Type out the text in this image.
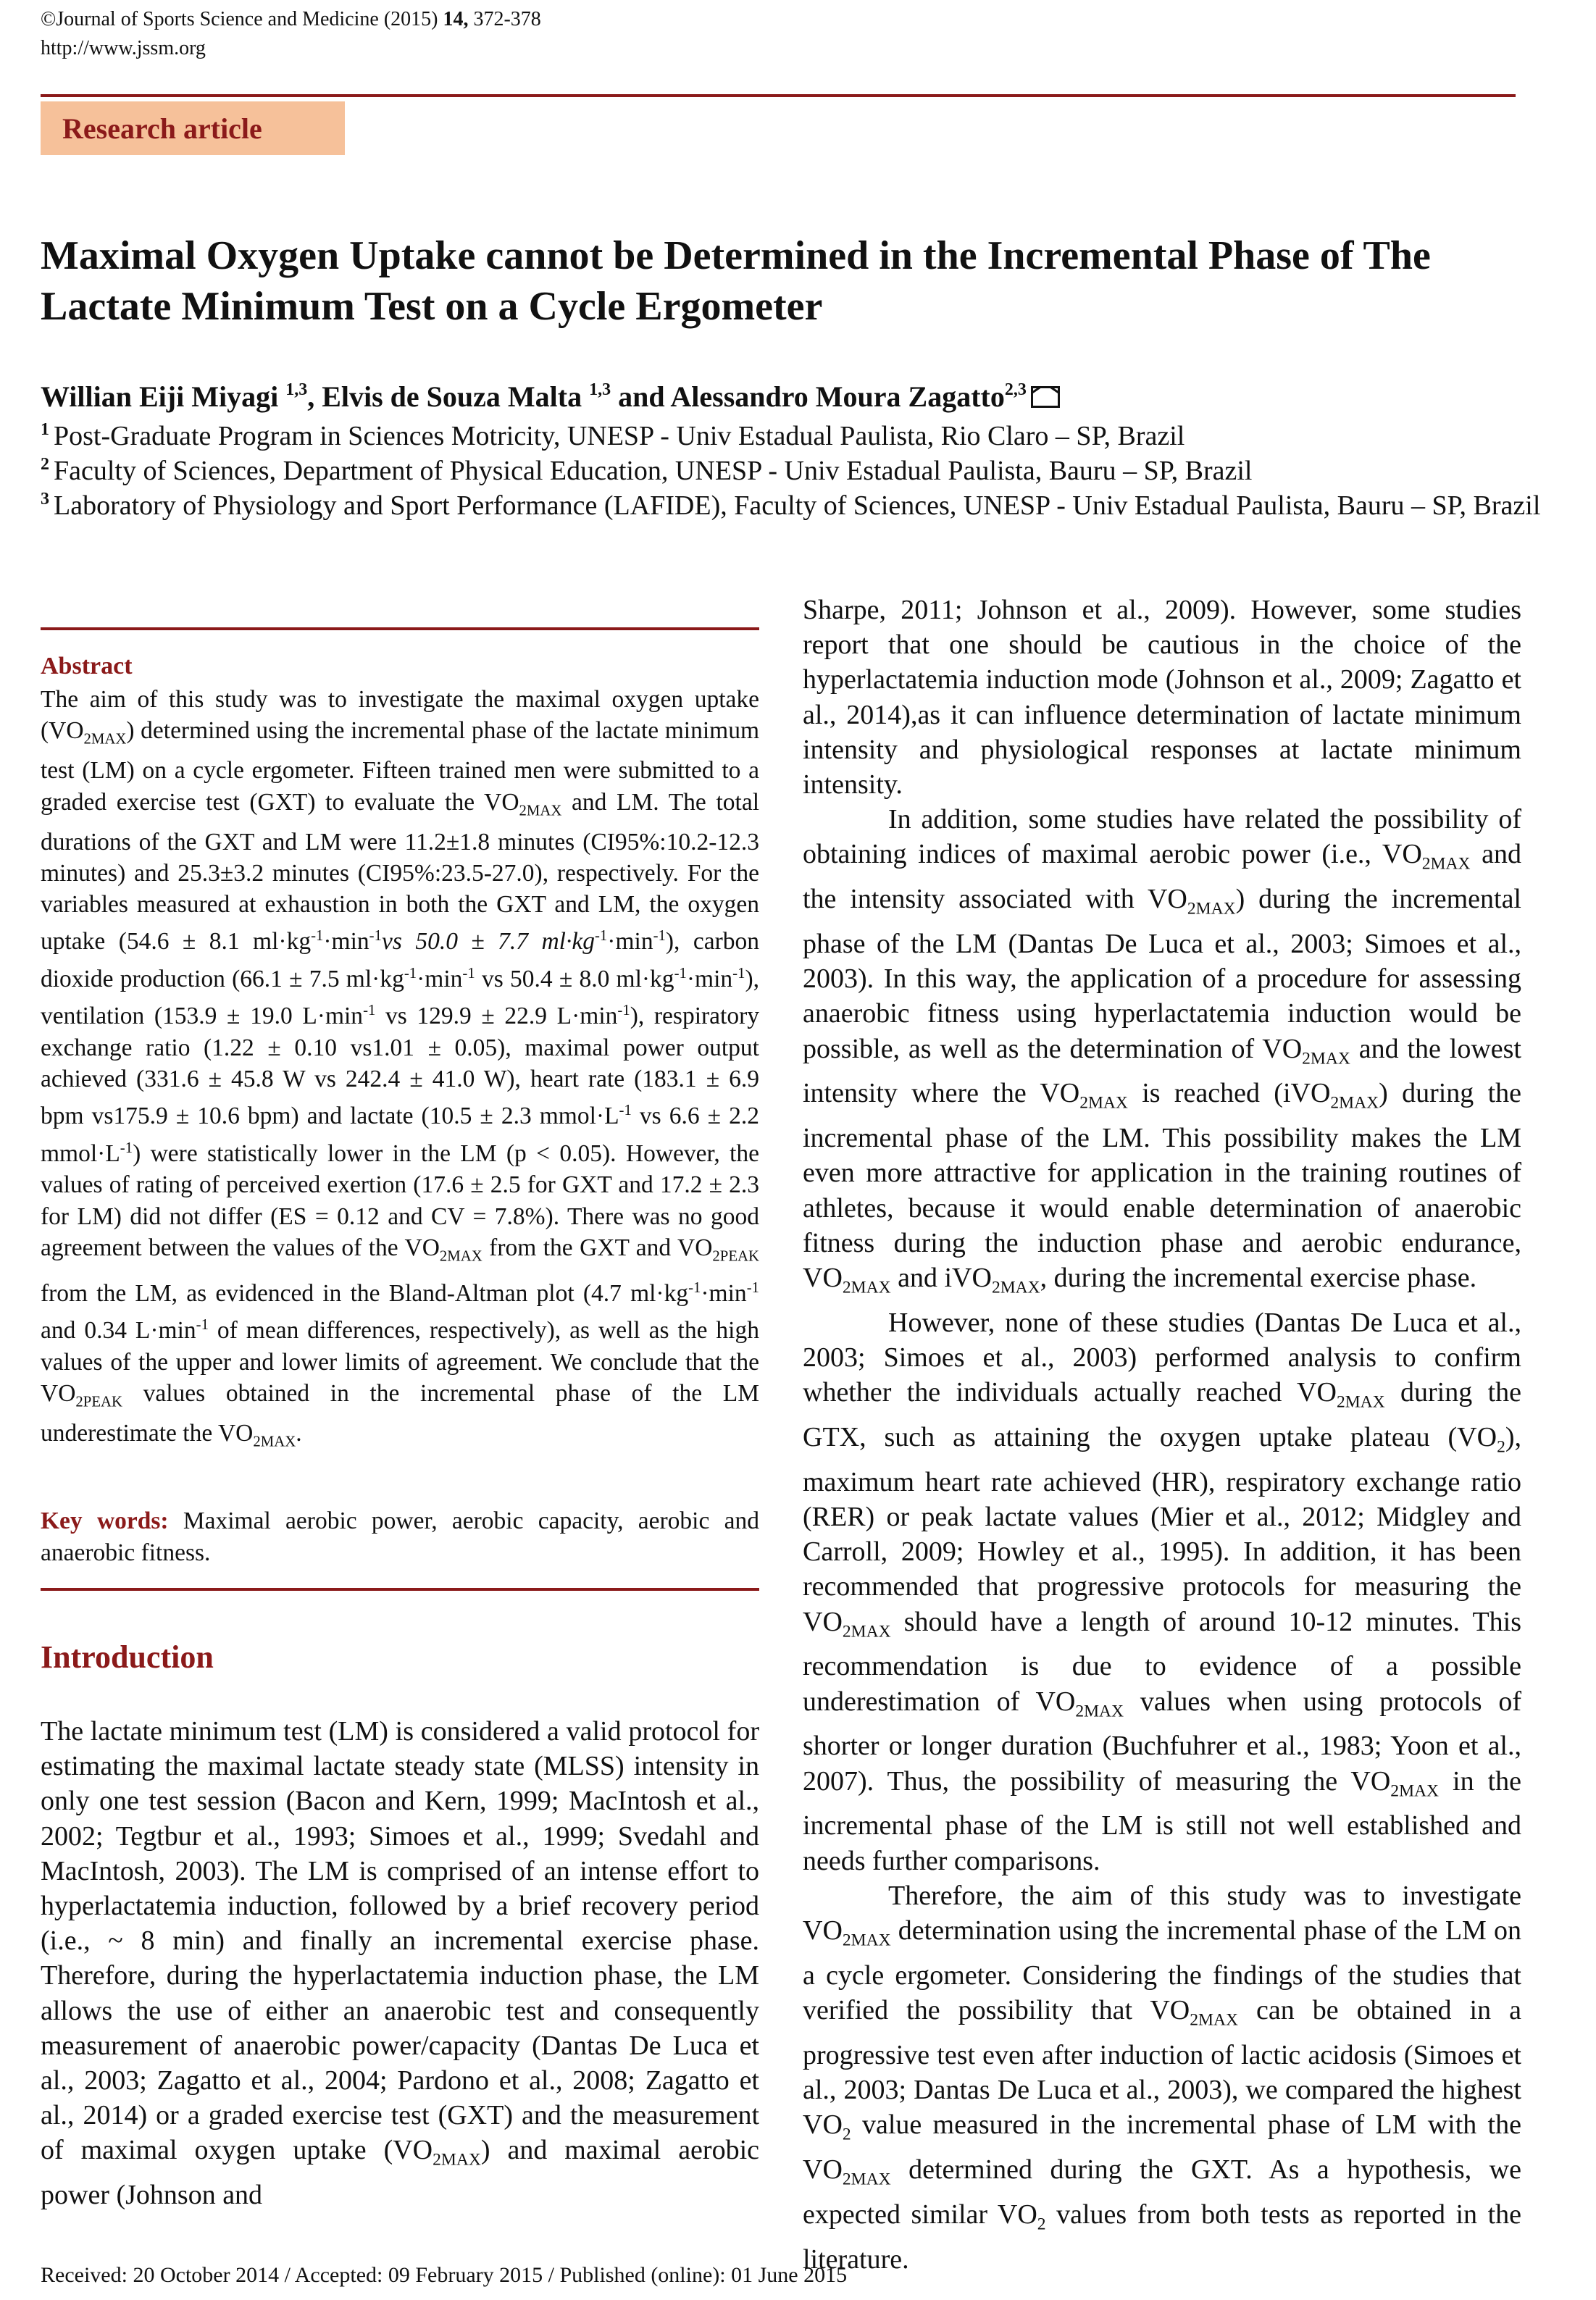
©Journal of Sports Science and Medicine (2015) 14, 372-378
http://www.jssm.org
Research article
Maximal Oxygen Uptake cannot be Determined in the Incremental Phase of The Lactate Minimum Test on a Cycle Ergometer
Willian Eiji Miyagi $^{1,3}$, Elvis de Souza Malta $^{1,3}$ and Alessandro Moura Zagatto$^{2,3}$
$^1$ Post-Graduate Program in Sciences Motricity, UNESP - Univ Estadual Paulista, Rio Claro – SP, Brazil
$^2$ Faculty of Sciences, Department of Physical Education, UNESP - Univ Estadual Paulista, Bauru – SP, Brazil
$^3$ Laboratory of Physiology and Sport Performance (LAFIDE), Faculty of Sciences, UNESP - Univ Estadual Paulista, Bauru – SP, Brazil
Abstract
The aim of this study was to investigate the maximal oxygen uptake $(VO_{2MAX})$ determined using the incremental phase of the lactate minimum test (LM) on a cycle ergometer. Fifteen trained men were submitted to a graded exercise test (GXT) to evaluate the $VO_{2MAX}$ and LM. The total durations of the GXT and LM were 11.2±1.8 minutes (CI95%:10.2-12.3 minutes) and 25.3±3.2 minutes (CI95%:23.5-27.0), respectively. For the variables measured at exhaustion in both the GXT and LM, the oxygen uptake (54.6 ± 8.1 $ml\cdot kg^{-1}\cdot\min^{-1}vs$ 50.0 ± 7.7 $ml\cdot kg^{-1}\cdot\min^{-1}$), carbon dioxide production (66.1 ± 7.5 $ml\cdot kg^{-1}\cdot\min^{-1}$ vs 50.4 ± 8.0 $ml\cdot kg^{-1}\cdot\min^{-1}$), ventilation (153.9 ± 19.0 $L\cdot\min^{-1}$ vs 129.9 ± 22.9 $L\cdot\min^{-1}$), respiratory exchange ratio (1.22 ± 0.10 vs1.01 ± 0.05), maximal power output achieved (331.6 ± 45.8 W vs 242.4 ± 41.0 W), heart rate (183.1 ± 6.9 bpm vs175.9 ± 10.6 bpm) and lactate (10.5 ± 2.3 $mmol\cdot L^{-1}$ vs 6.6 ± 2.2 $mmol\cdot L^{-1}$) were statistically lower in the LM (p < 0.05). However, the values of rating of perceived exertion (17.6 ± 2.5 for GXT and 17.2 ± 2.3 for LM) did not differ (ES = 0.12 and CV = 7.8%). There was no good agreement between the values of the $VO_{2MAX}$ from the GXT and $VO_{2PEAK}$ from the LM, as evidenced in the Bland-Altman plot (4.7 $ml\cdot kg^{-1}\cdot\min^{-1}$ and 0.34 $L\cdot\min^{-1}$ of mean differences, respectively), as well as the high values of the upper and lower limits of agreement. We conclude that the $VO_{2PEAK}$ values obtained in the incremental phase of the LM underestimate the $VO_{2MAX}$.
Key words: Maximal aerobic power, aerobic capacity, aerobic and anaerobic fitness.
Introduction
The lactate minimum test (LM) is considered a valid protocol for estimating the maximal lactate steady state (MLSS) intensity in only one test session (Bacon and Kern, 1999; MacIntosh et al., 2002; Tegtbur et al., 1993; Simoes et al., 1999; Svedahl and MacIntosh, 2003). The LM is comprised of an intense effort to hyperlactatemia induction, followed by a brief recovery period (i.e., ~ 8 min) and finally an incremental exercise phase. Therefore, during the hyperlactatemia induction phase, the LM allows the use of either an anaerobic test and consequently measurement of anaerobic power/capacity (Dantas De Luca et al., 2003; Zagatto et al., 2004; Pardono et al., 2008; Zagatto et al., 2014) or a graded exercise test (GXT) and the measurement of maximal oxygen uptake $(VO_{2MAX})$ and maximal aerobic power (Johnson and

Sharpe, 2011; Johnson et al., 2009). However, some studies report that one should be cautious in the choice of the hyperlactatemia induction mode (Johnson et al., 2009; Zagatto et al., 2014),as it can influence determination of lactate minimum intensity and physiological responses at lactate minimum intensity.

In addition, some studies have related the possibility of obtaining indices of maximal aerobic power (i.e., $VO_{2MAX}$ and the intensity associated with $VO_{2MAX}$) during the incremental phase of the LM (Dantas De Luca et al., 2003; Simoes et al., 2003). In this way, the application of a procedure for assessing anaerobic fitness using hyperlactatemia induction would be possible, as well as the determination of $VO_{2MAX}$ and the lowest intensity where the $VO_{2MAX}$ is reached (iVO$_{2MAX}$) during the incremental phase of the LM. This possibility makes the LM even more attractive for application in the training routines of athletes, because it would enable determination of anaerobic fitness during the induction phase and aerobic endurance, $VO_{2MAX}$ and iVO$_{2MAX}$, during the incremental exercise phase.

However, none of these studies (Dantas De Luca et al., 2003; Simoes et al., 2003) performed analysis to confirm whether the individuals actually reached $VO_{2MAX}$ during the GTX, such as attaining the oxygen uptake plateau $(VO_2)$, maximum heart rate achieved (HR), respiratory exchange ratio (RER) or peak lactate values (Mier et al., 2012; Midgley and Carroll, 2009; Howley et al., 1995). In addition, it has been recommended that progressive protocols for measuring the $VO_{2MAX}$ should have a length of around 10-12 minutes. This recommendation is due to evidence of a possible underestimation of $VO_{2MAX}$ values when using protocols of shorter or longer duration (Buchfuhrer et al., 1983; Yoon et al., 2007). Thus, the possibility of measuring the $VO_{2MAX}$ in the incremental phase of the LM is still not well established and needs further comparisons.

Therefore, the aim of this study was to investigate $VO_{2MAX}$ determination using the incremental phase of the LM on a cycle ergometer. Considering the findings of the studies that verified the possibility that $VO_{2MAX}$ can be obtained in a progressive test even after induction of lactic acidosis (Simoes et al., 2003; Dantas De Luca et al., 2003), we compared the highest $VO_2$ value measured in the incremental phase of LM with the $VO_{2MAX}$ determined during the GXT. As a hypothesis, we expected similar $VO_2$ values from both tests as reported in the literature.

Received: 20 October 2014 / Accepted: 09 February 2015 / Published (online): 01 June 2015
